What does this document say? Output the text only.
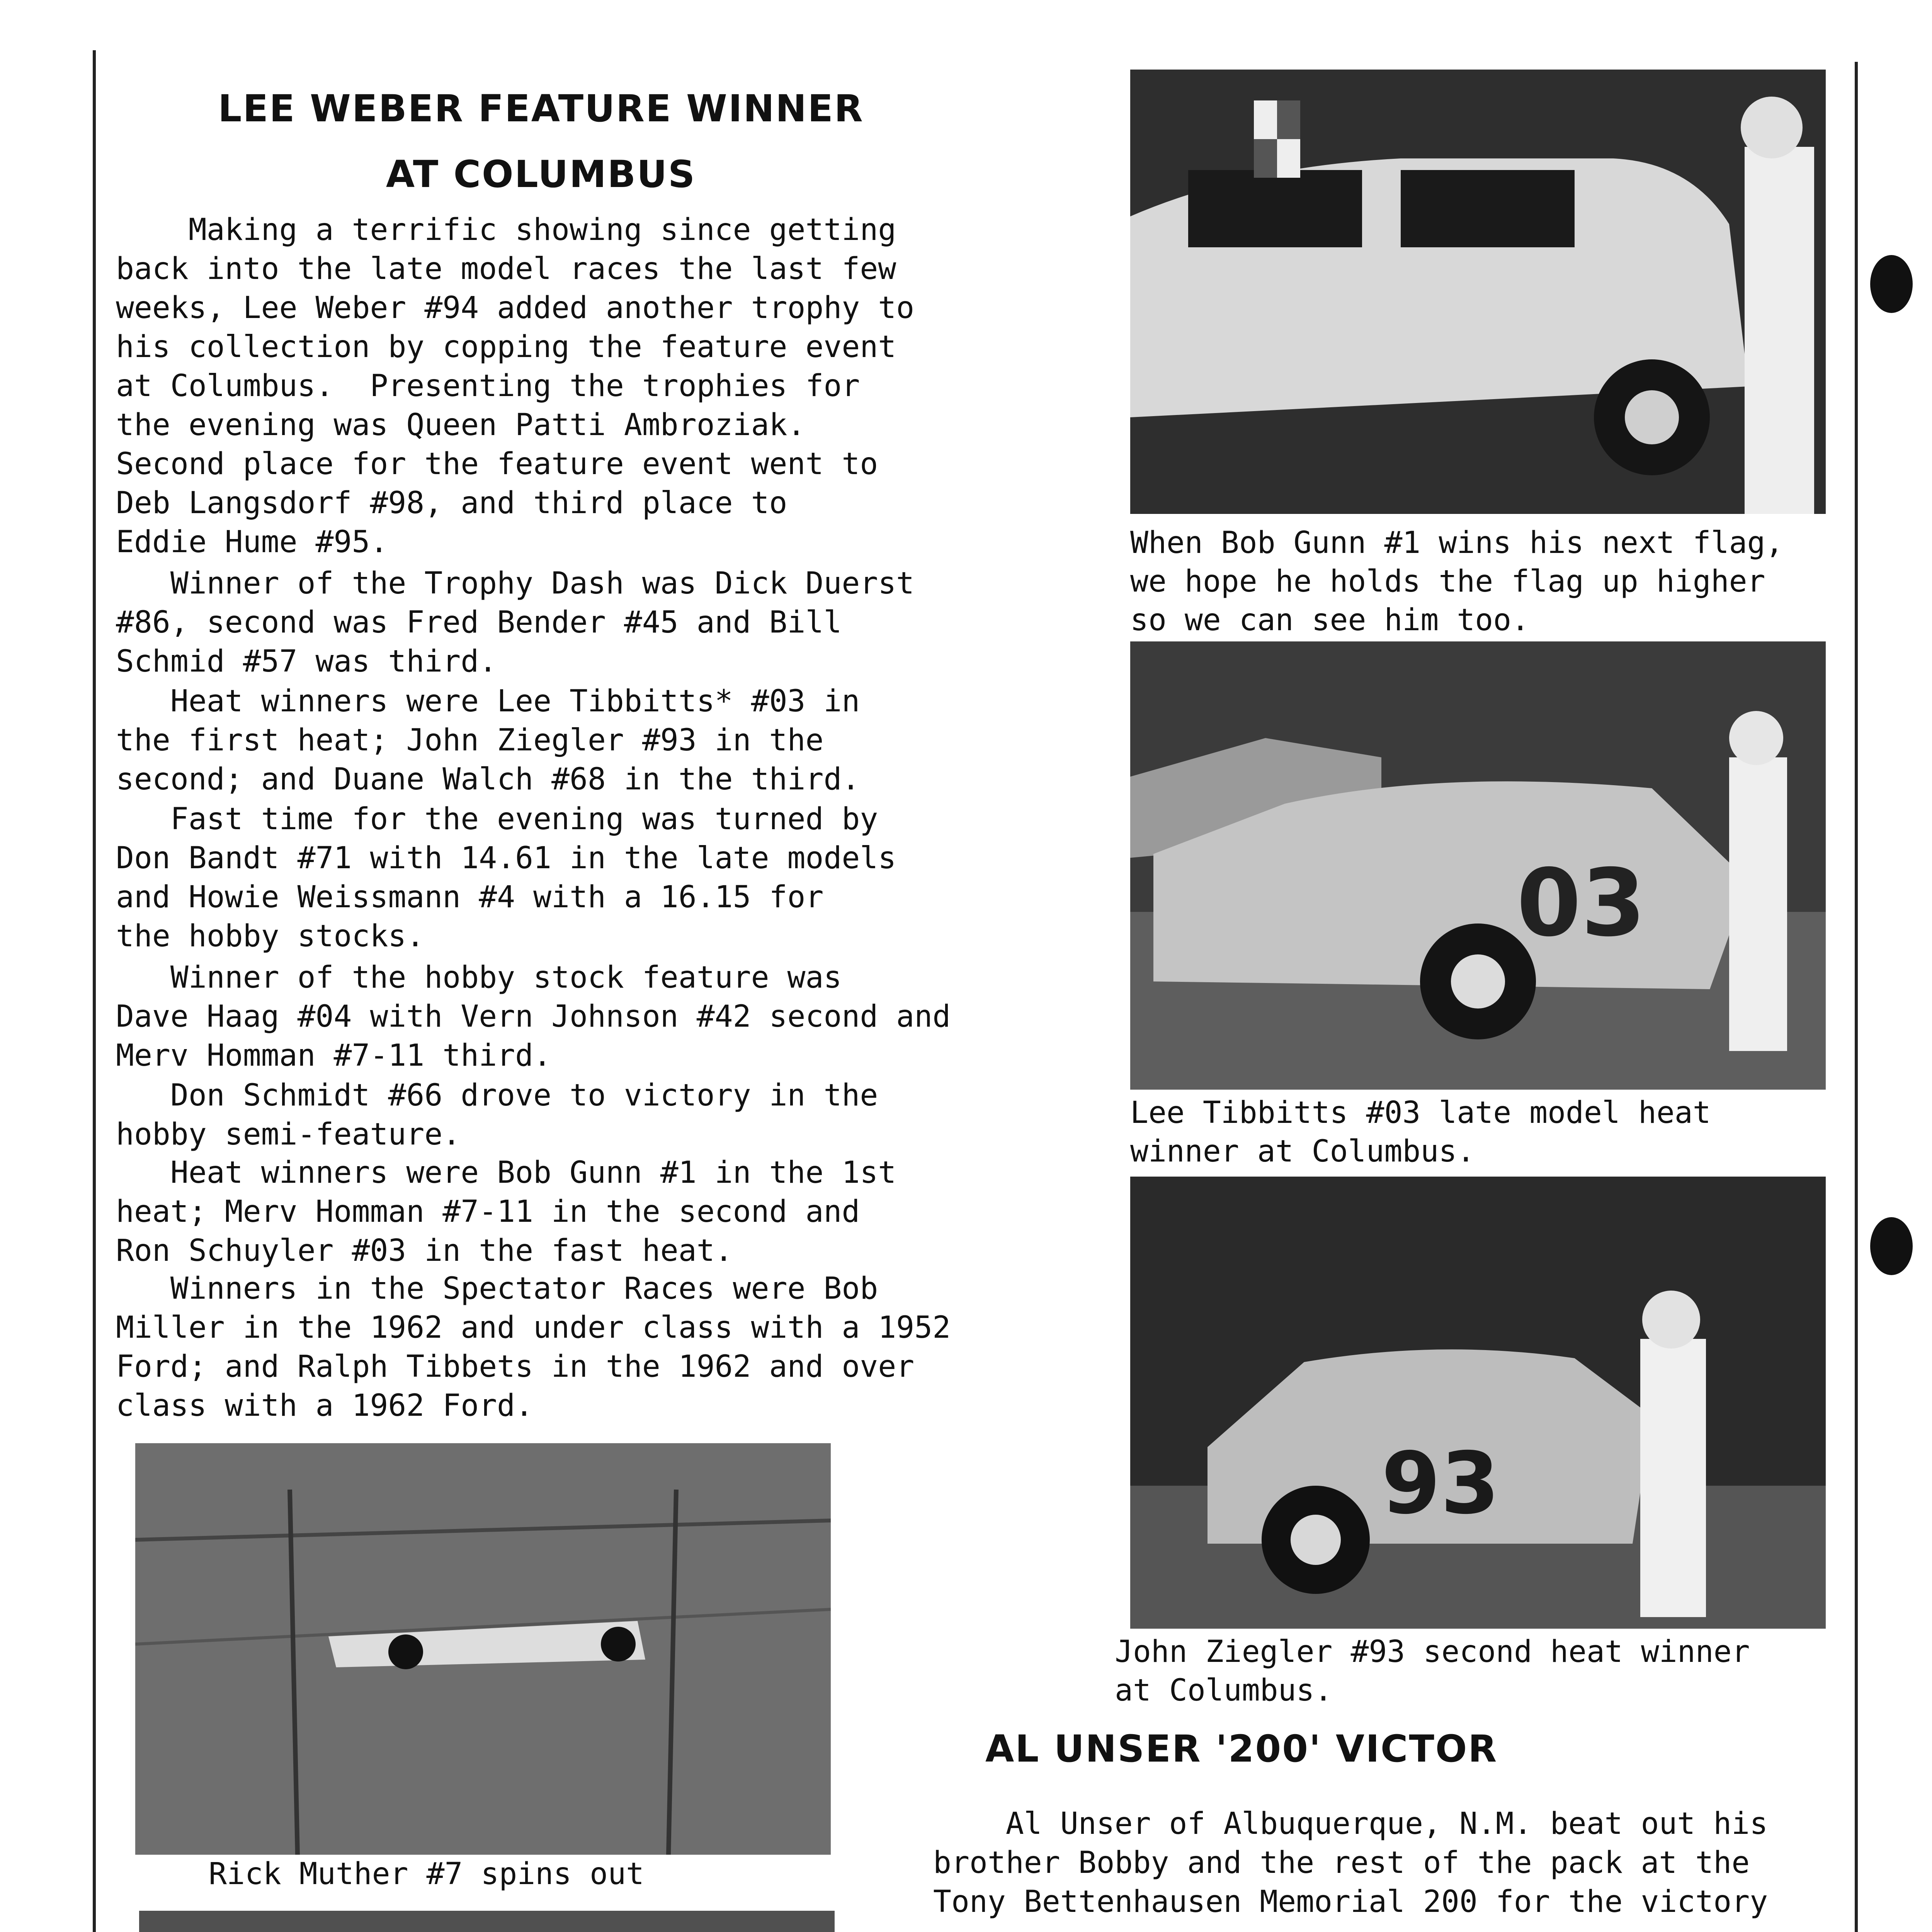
LEE WEBER FEATURE WINNER
AT COLUMBUS
Making a terrific showing since getting
back into the late model races the last few
weeks, Lee Weber #94 added another trophy to
his collection by copping the feature event
at Columbus.  Presenting the trophies for
the evening was Queen Patti Ambroziak.
Second place for the feature event went to
Deb Langsdorf #98, and third place to
Eddie Hume #95.
Winner of the Trophy Dash was Dick Duerst
#86, second was Fred Bender #45 and Bill
Schmid #57 was third.
Heat winners were Lee Tibbitts* #03 in
the first heat; John Ziegler #93 in the
second; and Duane Walch #68 in the third.
Fast time for the evening was turned by
Don Bandt #71 with 14.61 in the late models
and Howie Weissmann #4 with a 16.15 for
the hobby stocks.
Winner of the hobby stock feature was
Dave Haag #04 with Vern Johnson #42 second and
Merv Homman #7-11 third.
Don Schmidt #66 drove to victory in the
hobby semi-feature.
Heat winners were Bob Gunn #1 in the 1st
heat; Merv Homman #7-11 in the second and
Ron Schuyler #03 in the fast heat.
Winners in the Spectator Races were Bob
Miller in the 1962 and under class with a 1952
Ford; and Ralph Tibbets in the 1962 and over
class with a 1962 Ford.
When Bob Gunn #1 wins his next flag,
we hope he holds the flag up higher
so we can see him too.
03
Lee Tibbitts #03 late model heat
winner at Columbus.
93
John Ziegler #93 second heat winner
at Columbus.
AL UNSER '200' VICTOR
Al Unser of Albuquerque, N.M. beat out his
brother Bobby and the rest of the pack at the
Tony Bettenhausen Memorial 200 for the victory
Rick Muther #7 spins out
